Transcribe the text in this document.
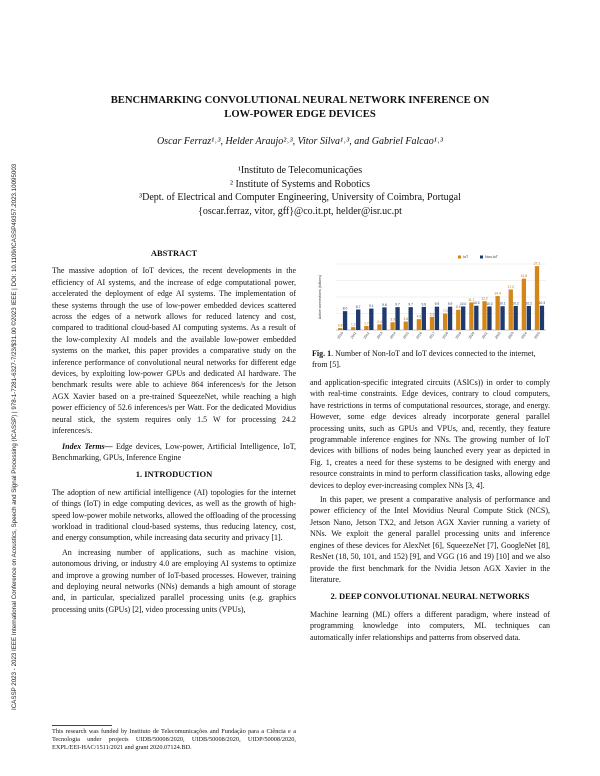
ICASSP 2023 - 2023 IEEE International Conference on Acoustics, Speech and Signal Processing (ICASSP) | 978-1-7281-6327-7/23/$31.00 ©2023 IEEE | DOI: 10.1109/ICASSP49357.2023.10095003
BENCHMARKING CONVOLUTIONAL NEURAL NETWORK INFERENCE ON
LOW-POWER EDGE DEVICES
Oscar Ferraz¹˒³, Helder Araujo²˒³, Vitor Silva¹˒³, and Gabriel Falcao¹˒³
¹Instituto de Telecomunicações
² Institute of Systems and Robotics
³Dept. of Electrical and Computer Engineering, University of Coimbra, Portugal
{oscar.ferraz, vitor, gff}@co.it.pt, helder@isr.uc.pt
ABSTRACT

The massive adoption of IoT devices, the recent developments in the efficiency of AI systems, and the increase of edge computational power, accelerated the deployment of edge AI systems. The implementation of these systems through the use of low-power embedded devices scattered across the edges of a network allows for reduced latency and cost, compared to traditional cloud-based AI computing systems. As a result of the low-complexity AI models and the available low-power embedded systems on the market, this paper provides a comparative study on the inference performance of convolutional neural networks for different edge devices, by exploiting low-power GPUs and dedicated AI hardware. The benchmark results were able to achieve 864 inferences/s for the Jetson AGX Xavier based on a pre-trained SqueezeNet, while reaching a high power efficiency of 52.6 inferences/s per Watt. For the dedicated Movidius neural stick, the system requires only 1.5 W for processing 24.2 inferences/s.

Index Terms— Edge devices, Low-power, Artificial Intelligence, IoT, Benchmarking, GPUs, Inference Engine

1. INTRODUCTION

The adoption of new artificial intelligence (AI) topologies for the internet of things (IoT) in edge computing devices, as well as the growth of high-speed low-power mobile networks, allowed the offloading of the processing workload in traditional cloud-based systems, thus reducing latency, cost, and energy consumption, while increasing data security and privacy [1].

An increasing number of applications, such as machine vision, autonomous driving, or industry 4.0 are employing AI systems to optimize and improve a growing number of IoT-based processes. However, training and deploying neural networks (NNs) demands a high amount of storage and, in particular, specialized parallel processing units (e.g. graphics processing units (GPUs) [2], video processing units (VPUs),

This research was funded by Instituto de Telecomunicações and Fundação para a Ciência e a Tecnologia under projects UIDB/50008/2020, UIDB/50008/2020, UIDP/50008/2020, EXPL/EEI-HAC/1511/2021 and grant 2020.07124.BD.
Active connections (billions)
0.8
8.0
2010
1.2
8.7
2011
1.7
9.1
2012
2.4
9.6
2013
3.3
9.7
2014
3.6
9.7
2015
4.6
9.8
2016
5.6
9.9
2017
7.0
9.9
2018
8.6
10.0
2019
11.7
10.3
2020
12.2
10.0
2021
14.4
10.1
2022
17.2
10.2
2023
21.8
10.2
2024
27.1
10.3
2025
IoT	Non-IoT
Fig. 1. Number of Non-IoT and IoT devices connected to the internet, from [5].

and application-specific integrated circuits (ASICs)) in order to comply with real-time constraints. Edge devices, contrary to cloud computers, have restrictions in terms of computational resources, storage, and energy. However, some edge devices already incorporate general parallel processing units, such as GPUs and VPUs, and, recently, they feature programmable inference engines for NNs. The growing number of IoT devices with billions of nodes being launched every year as depicted in Fig. 1, creates a need for these systems to be designed with energy and resource constraints in mind to perform classification tasks, allowing edge devices to deploy ever-increasing complex NNs [3, 4].

In this paper, we present a comparative analysis of performance and power efficiency of the Intel Movidius Neural Compute Stick (NCS), Jetson Nano, Jetson TX2, and Jetson AGX Xavier running a variety of NNs. We exploit the general parallel processing units and inference engines of these devices for AlexNet [6], SqueezeNet [7], GoogleNet [8], ResNet (18, 50, 101, and 152) [9], and VGG (16 and 19) [10] and we also provide the first benchmark for the Nvidia Jetson AGX Xavier in the literature.

2. DEEP CONVOLUTIONAL NEURAL NETWORKS

Machine learning (ML) offers a different paradigm, where instead of programming knowledge into computers, ML techniques can automatically infer relationships and patterns from observed data.
